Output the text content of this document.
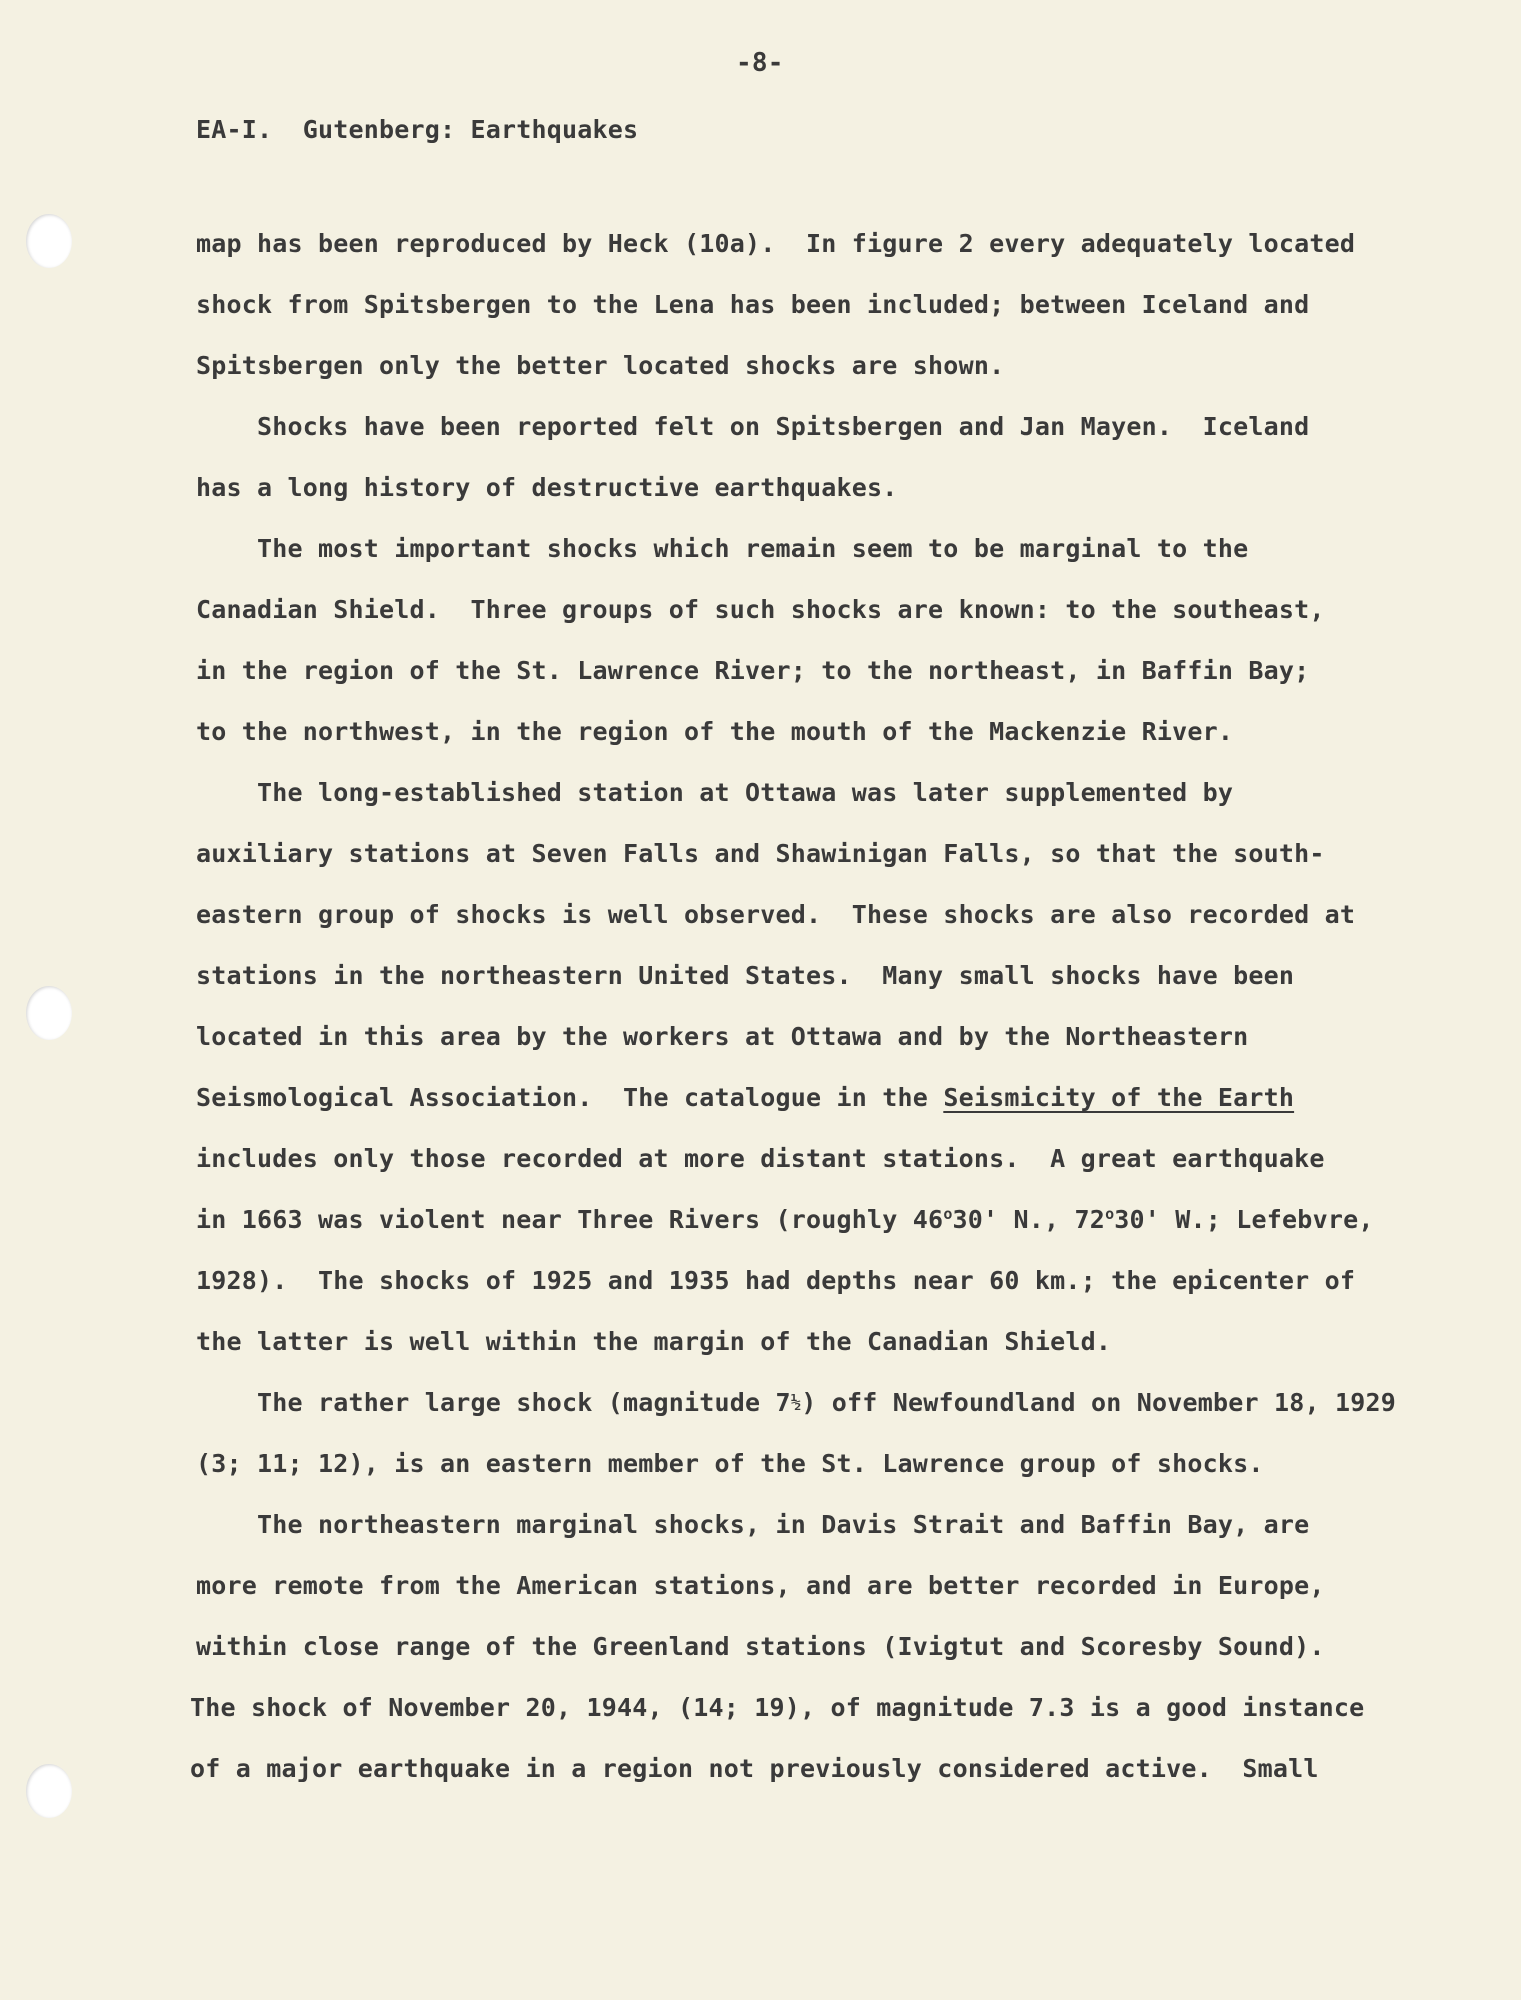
-8-
EA-I.  Gutenberg: Earthquakes
map has been reproduced by Heck (10a).  In figure 2 every adequately located
shock from Spitsbergen to the Lena has been included; between Iceland and
Spitsbergen only the better located shocks are shown.
Shocks have been reported felt on Spitsbergen and Jan Mayen.  Iceland
has a long history of destructive earthquakes.
The most important shocks which remain seem to be marginal to the
Canadian Shield.  Three groups of such shocks are known: to the southeast,
in the region of the St. Lawrence River; to the northeast, in Baffin Bay;
to the northwest, in the region of the mouth of the Mackenzie River.
The long-established station at Ottawa was later supplemented by
auxiliary stations at Seven Falls and Shawinigan Falls, so that the south-
eastern group of shocks is well observed.  These shocks are also recorded at
stations in the northeastern United States.  Many small shocks have been
located in this area by the workers at Ottawa and by the Northeastern
Seismological Association.  The catalogue in the Seismicity of the Earth
includes only those recorded at more distant stations.  A great earthquake
in 1663 was violent near Three Rivers (roughly 46$^o$30' N., 72$^o$30' W.; Lefebvre,
1928).  The shocks of 1925 and 1935 had depths near 60 km.; the epicenter of
the latter is well within the margin of the Canadian Shield.
The rather large shock (magnitude 7½) off Newfoundland on November 18, 1929
(3; 11; 12), is an eastern member of the St. Lawrence group of shocks.
The northeastern marginal shocks, in Davis Strait and Baffin Bay, are
more remote from the American stations, and are better recorded in Europe,
within close range of the Greenland stations (Ivigtut and Scoresby Sound).
The shock of November 20, 1944, (14; 19), of magnitude 7.3 is a good instance
of a major earthquake in a region not previously considered active.  Small
